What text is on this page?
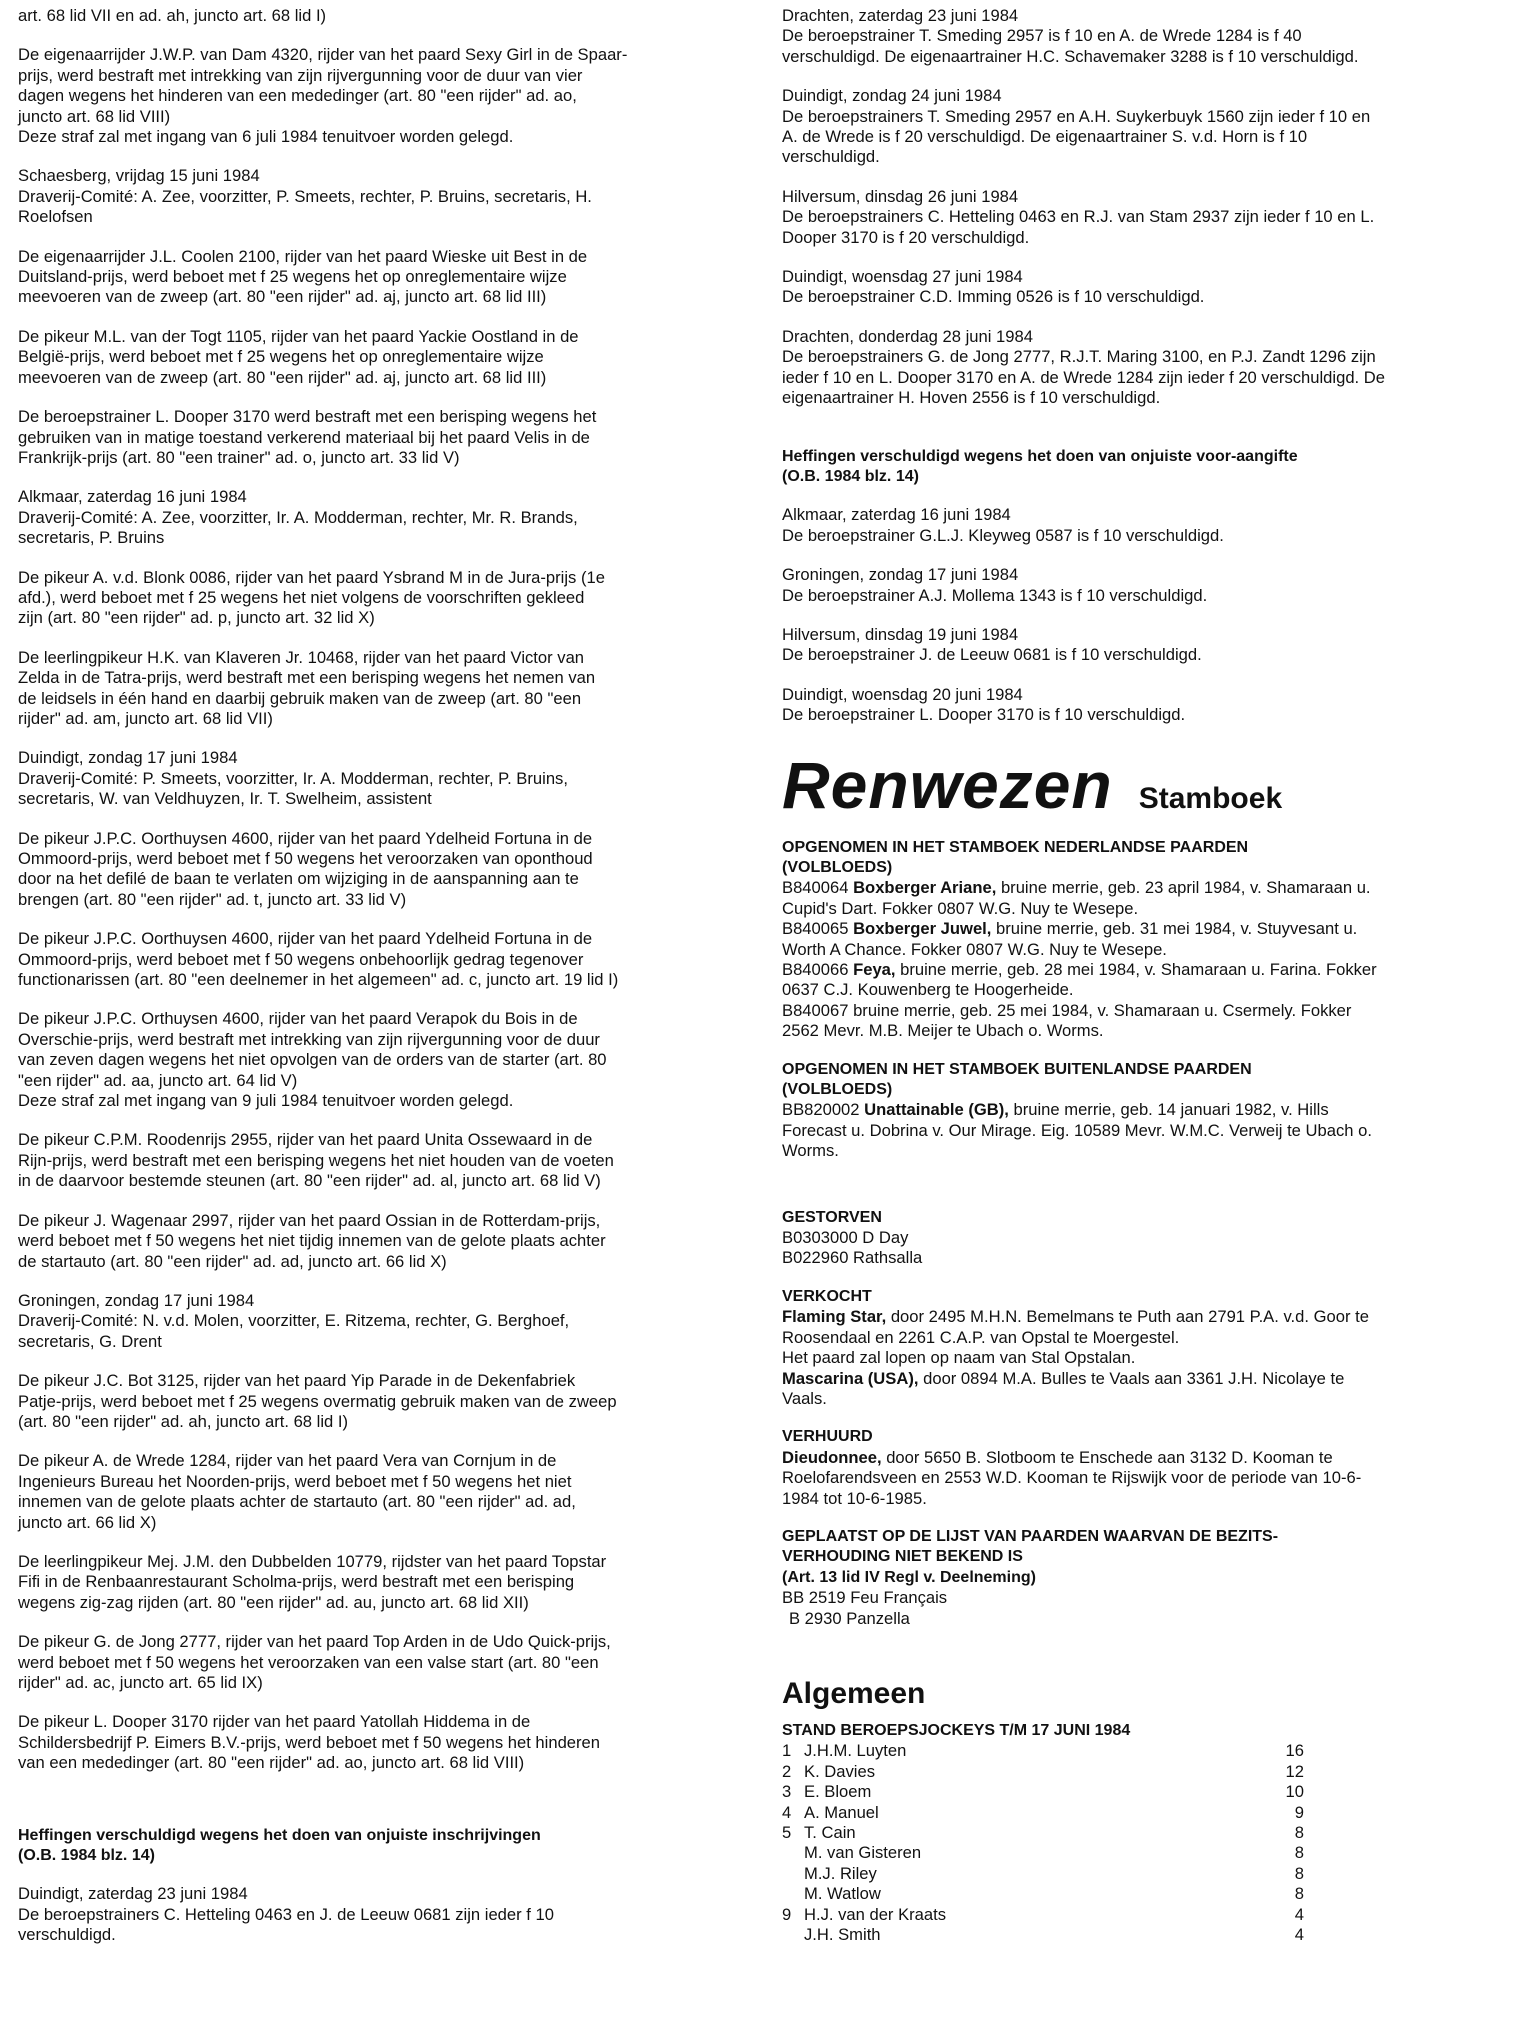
art. 68 lid VII en ad. ah, juncto art. 68 lid I)

De eigenaarrijder J.W.P. van Dam 4320, rijder van het paard Sexy Girl in de Spaar-

prijs, werd bestraft met intrekking van zijn rijvergunning voor de duur van vier

dagen wegens het hinderen van een mededinger (art. 80 "een rijder" ad. ao,

juncto art. 68 lid VIII)

Deze straf zal met ingang van 6 juli 1984 tenuitvoer worden gelegd.

Schaesberg, vrijdag 15 juni 1984

Draverij-Comité: A. Zee, voorzitter, P. Smeets, rechter, P. Bruins, secretaris, H.

Roelofsen

De eigenaarrijder J.L. Coolen 2100, rijder van het paard Wieske uit Best in de

Duitsland-prijs, werd beboet met f 25 wegens het op onreglementaire wijze

meevoeren van de zweep (art. 80 "een rijder" ad. aj, juncto art. 68 lid III)

De pikeur M.L. van der Togt 1105, rijder van het paard Yackie Oostland in de

België-prijs, werd beboet met f 25 wegens het op onreglementaire wijze

meevoeren van de zweep (art. 80 "een rijder" ad. aj, juncto art. 68 lid III)

De beroepstrainer L. Dooper 3170 werd bestraft met een berisping wegens het

gebruiken van in matige toestand verkerend materiaal bij het paard Velis in de

Frankrijk-prijs (art. 80 "een trainer" ad. o, juncto art. 33 lid V)

Alkmaar, zaterdag 16 juni 1984

Draverij-Comité: A. Zee, voorzitter, Ir. A. Modderman, rechter, Mr. R. Brands,

secretaris, P. Bruins

De pikeur A. v.d. Blonk 0086, rijder van het paard Ysbrand M in de Jura-prijs (1e

afd.), werd beboet met f 25 wegens het niet volgens de voorschriften gekleed

zijn (art. 80 "een rijder" ad. p, juncto art. 32 lid X)

De leerlingpikeur H.K. van Klaveren Jr. 10468, rijder van het paard Victor van

Zelda in de Tatra-prijs, werd bestraft met een berisping wegens het nemen van

de leidsels in één hand en daarbij gebruik maken van de zweep (art. 80 "een

rijder" ad. am, juncto art. 68 lid VII)

Duindigt, zondag 17 juni 1984

Draverij-Comité: P. Smeets, voorzitter, Ir. A. Modderman, rechter, P. Bruins,

secretaris, W. van Veldhuyzen, Ir. T. Swelheim, assistent

De pikeur J.P.C. Oorthuysen 4600, rijder van het paard Ydelheid Fortuna in de

Ommoord-prijs, werd beboet met f 50 wegens het veroorzaken van oponthoud

door na het defilé de baan te verlaten om wijziging in de aanspanning aan te

brengen (art. 80 "een rijder" ad. t, juncto art. 33 lid V)

De pikeur J.P.C. Oorthuysen 4600, rijder van het paard Ydelheid Fortuna in de

Ommoord-prijs, werd beboet met f 50 wegens onbehoorlijk gedrag tegenover

functionarissen (art. 80 "een deelnemer in het algemeen" ad. c, juncto art. 19 lid I)

De pikeur J.P.C. Orthuysen 4600, rijder van het paard Verapok du Bois in de

Overschie-prijs, werd bestraft met intrekking van zijn rijvergunning voor de duur

van zeven dagen wegens het niet opvolgen van de orders van de starter (art. 80

"een rijder" ad. aa, juncto art. 64 lid V)

Deze straf zal met ingang van 9 juli 1984 tenuitvoer worden gelegd.

De pikeur C.P.M. Roodenrijs 2955, rijder van het paard Unita Ossewaard in de

Rijn-prijs, werd bestraft met een berisping wegens het niet houden van de voeten

in de daarvoor bestemde steunen (art. 80 "een rijder" ad. al, juncto art. 68 lid V)

De pikeur J. Wagenaar 2997, rijder van het paard Ossian in de Rotterdam-prijs,

werd beboet met f 50 wegens het niet tijdig innemen van de gelote plaats achter

de startauto (art. 80 "een rijder" ad. ad, juncto art. 66 lid X)

Groningen, zondag 17 juni 1984

Draverij-Comité: N. v.d. Molen, voorzitter, E. Ritzema, rechter, G. Berghoef,

secretaris, G. Drent

De pikeur J.C. Bot 3125, rijder van het paard Yip Parade in de Dekenfabriek

Patje-prijs, werd beboet met f 25 wegens overmatig gebruik maken van de zweep

(art. 80 "een rijder" ad. ah, juncto art. 68 lid I)

De pikeur A. de Wrede 1284, rijder van het paard Vera van Cornjum in de

Ingenieurs Bureau het Noorden-prijs, werd beboet met f 50 wegens het niet

innemen van de gelote plaats achter de startauto (art. 80 "een rijder" ad. ad,

juncto art. 66 lid X)

De leerlingpikeur Mej. J.M. den Dubbelden 10779, rijdster van het paard Topstar

Fifi in de Renbaanrestaurant Scholma-prijs, werd bestraft met een berisping

wegens zig-zag rijden (art. 80 "een rijder" ad. au, juncto art. 68 lid XII)

De pikeur G. de Jong 2777, rijder van het paard Top Arden in de Udo Quick-prijs,

werd beboet met f 50 wegens het veroorzaken van een valse start (art. 80 "een

rijder" ad. ac, juncto art. 65 lid IX)

De pikeur L. Dooper 3170 rijder van het paard Yatollah Hiddema in de

Schildersbedrijf P. Eimers B.V.-prijs, werd beboet met f 50 wegens het hinderen

van een mededinger (art. 80 "een rijder" ad. ao, juncto art. 68 lid VIII)

Heffingen verschuldigd wegens het doen van onjuiste inschrijvingen

(O.B. 1984 blz. 14)

Duindigt, zaterdag 23 juni 1984

De beroepstrainers C. Hetteling 0463 en J. de Leeuw 0681 zijn ieder f 10

verschuldigd.

Drachten, zaterdag 23 juni 1984

De beroepstrainer T. Smeding 2957 is f 10 en A. de Wrede 1284 is f 40

verschuldigd. De eigenaartrainer H.C. Schavemaker 3288 is f 10 verschuldigd.

Duindigt, zondag 24 juni 1984

De beroepstrainers T. Smeding 2957 en A.H. Suykerbuyk 1560 zijn ieder f 10 en

A. de Wrede is f 20 verschuldigd. De eigenaartrainer S. v.d. Horn is f 10

verschuldigd.

Hilversum, dinsdag 26 juni 1984

De beroepstrainers C. Hetteling 0463 en R.J. van Stam 2937 zijn ieder f 10 en L.

Dooper 3170 is f 20 verschuldigd.

Duindigt, woensdag 27 juni 1984

De beroepstrainer C.D. Imming 0526 is f 10 verschuldigd.

Drachten, donderdag 28 juni 1984

De beroepstrainers G. de Jong 2777, R.J.T. Maring 3100, en P.J. Zandt 1296 zijn

ieder f 10 en L. Dooper 3170 en A. de Wrede 1284 zijn ieder f 20 verschuldigd. De

eigenaartrainer H. Hoven 2556 is f 10 verschuldigd.

Heffingen verschuldigd wegens het doen van onjuiste voor-aangifte

(O.B. 1984 blz. 14)

Alkmaar, zaterdag 16 juni 1984

De beroepstrainer G.L.J. Kleyweg 0587 is f 10 verschuldigd.

Groningen, zondag 17 juni 1984

De beroepstrainer A.J. Mollema 1343 is f 10 verschuldigd.

Hilversum, dinsdag 19 juni 1984

De beroepstrainer J. de Leeuw 0681 is f 10 verschuldigd.

Duindigt, woensdag 20 juni 1984

De beroepstrainer L. Dooper 3170 is f 10 verschuldigd.

Renwezen Stamboek

OPGENOMEN IN HET STAMBOEK NEDERLANDSE PAARDEN

(VOLBLOEDS)

B840064 Boxberger Ariane, bruine merrie, geb. 23 april 1984, v. Shamaraan u.

Cupid's Dart. Fokker 0807 W.G. Nuy te Wesepe.

B840065 Boxberger Juwel, bruine merrie, geb. 31 mei 1984, v. Stuyvesant u.

Worth A Chance. Fokker 0807 W.G. Nuy te Wesepe.

B840066 Feya, bruine merrie, geb. 28 mei 1984, v. Shamaraan u. Farina. Fokker

0637 C.J. Kouwenberg te Hoogerheide.

B840067 bruine merrie, geb. 25 mei 1984, v. Shamaraan u. Csermely. Fokker

2562 Mevr. M.B. Meijer te Ubach o. Worms.

OPGENOMEN IN HET STAMBOEK BUITENLANDSE PAARDEN

(VOLBLOEDS)

BB820002 Unattainable (GB), bruine merrie, geb. 14 januari 1982, v. Hills

Forecast u. Dobrina v. Our Mirage. Eig. 10589 Mevr. W.M.C. Verweij te Ubach o.

Worms.

GESTORVEN

B0303000 D Day

B022960 Rathsalla

VERKOCHT

Flaming Star, door 2495 M.H.N. Bemelmans te Puth aan 2791 P.A. v.d. Goor te

Roosendaal en 2261 C.A.P. van Opstal te Moergestel.

Het paard zal lopen op naam van Stal Opstalan.

Mascarina (USA), door 0894 M.A. Bulles te Vaals aan 3361 J.H. Nicolaye te

Vaals.

VERHUURD

Dieudonnee, door 5650 B. Slotboom te Enschede aan 3132 D. Kooman te

Roelofarendsveen en 2553 W.D. Kooman te Rijswijk voor de periode van 10-6-

1984 tot 10-6-1985.

GEPLAATST OP DE LIJST VAN PAARDEN WAARVAN DE BEZITS-

VERHOUDING NIET BEKEND IS

(Art. 13 lid IV Regl v. Deelneming)

BB 2519 Feu Français

B 2930 Panzella

Algemeen

STAND BEROEPSJOCKEYS T/M 17 JUNI 1984

1	J.H.M. Luyten	16
2	K. Davies	12
3	E. Bloem	10
4	A. Manuel	9
5	T. Cain	8
	M. van Gisteren	8
	M.J. Riley	8
	M. Watlow	8
9	H.J. van der Kraats	4
	J.H. Smith	4
